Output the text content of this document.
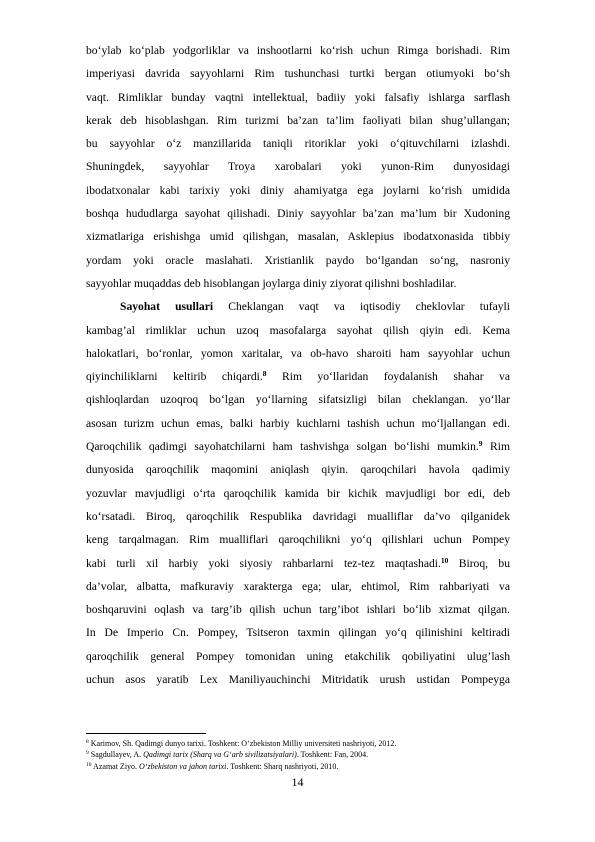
bo‘ylab ko‘plab yodgorliklar va inshootlarni ko‘rish uchun Rimga borishadi. Rim

imperiyasi davrida sayyohlarni Rim tushunchasi turtki bergan otiumyoki bo‘sh

vaqt. Rimliklar bunday vaqtni intellektual, badiiy yoki falsafiy ishlarga sarflash

kerak deb hisoblashgan. Rim turizmi ba’zan ta’lim faoliyati bilan shug’ullangan;

bu sayyohlar o‘z manzillarida taniqli ritoriklar yoki o‘qituvchilarni izlashdi.

Shuningdek, sayyohlar Troya xarobalari yoki yunon-Rim dunyosidagi

ibodatxonalar kabi tarixiy yoki diniy ahamiyatga ega joylarni ko‘rish umidida

boshqa hududlarga sayohat qilishadi. Diniy sayyohlar ba’zan ma’lum bir Xudoning

xizmatlariga erishishga umid qilishgan, masalan, Asklepius ibodatxonasida tibbiy

yordam yoki oracle maslahati. Xristianlik paydo bo‘lgandan so‘ng, nasroniy

sayyohlar muqaddas deb hisoblangan joylarga diniy ziyorat qilishni boshladilar.

Sayohat usullari Cheklangan vaqt va iqtisodiy cheklovlar tufayli

kambag’al rimliklar uchun uzoq masofalarga sayohat qilish qiyin edi. Kema

halokatlari, bo‘ronlar, yomon xaritalar, va ob-havo sharoiti ham sayyohlar uchun

qiyinchiliklarni keltirib chiqardi.$^8$ Rim yo‘llaridan foydalanish shahar va

qishloqlardan uzoqroq bo‘lgan yo‘llarning sifatsizligi bilan cheklangan. yo‘llar

asosan turizm uchun emas, balki harbiy kuchlarni tashish uchun mo‘ljallangan edi.

Qaroqchilik qadimgi sayohatchilarni ham tashvishga solgan bo‘lishi mumkin.$^9$ Rim

dunyosida qaroqchilik maqomini aniqlash qiyin. qaroqchilari havola qadimiy

yozuvlar mavjudligi o‘rta qaroqchilik kamida bir kichik mavjudligi bor edi, deb

ko‘rsatadi. Biroq, qaroqchilik Respublika davridagi mualliflar da’vo qilganidek

keng tarqalmagan. Rim mualliflari qaroqchilikni yo‘q qilishlari uchun Pompey

kabi turli xil harbiy yoki siyosiy rahbarlarni tez-tez maqtashadi.$^{10}$ Biroq, bu

da’volar, albatta, mafkuraviy xarakterga ega; ular, ehtimol, Rim rahbariyati va

boshqaruvini oqlash va targ’ib qilish uchun targ’ibot ishlari bo‘lib xizmat qilgan.

In De Imperio Cn. Pompey, Tsitseron taxmin qilingan yo‘q qilinishini keltiradi

qaroqchilik general Pompey tomonidan uning etakchilik qobiliyatini ulug’lash

uchun asos yaratib Lex Maniliyauchinchi Mitridatik urush ustidan Pompeyga

$^8$ Karimov, Sh. Qadimgi dunyo tarixi. Toshkent: O‘zbekiston Milliy universiteti nashriyoti, 2012.
$^9$ Sagdullayev, A. Qadimgi tarix (Sharq va G‘arb sivilizatsiyalari). Toshkent: Fan, 2004.
$^{10}$ Azamat Ziyo. O‘zbekiston va jahon tarixi. Toshkent: Sharq nashriyoti, 2010.
14
